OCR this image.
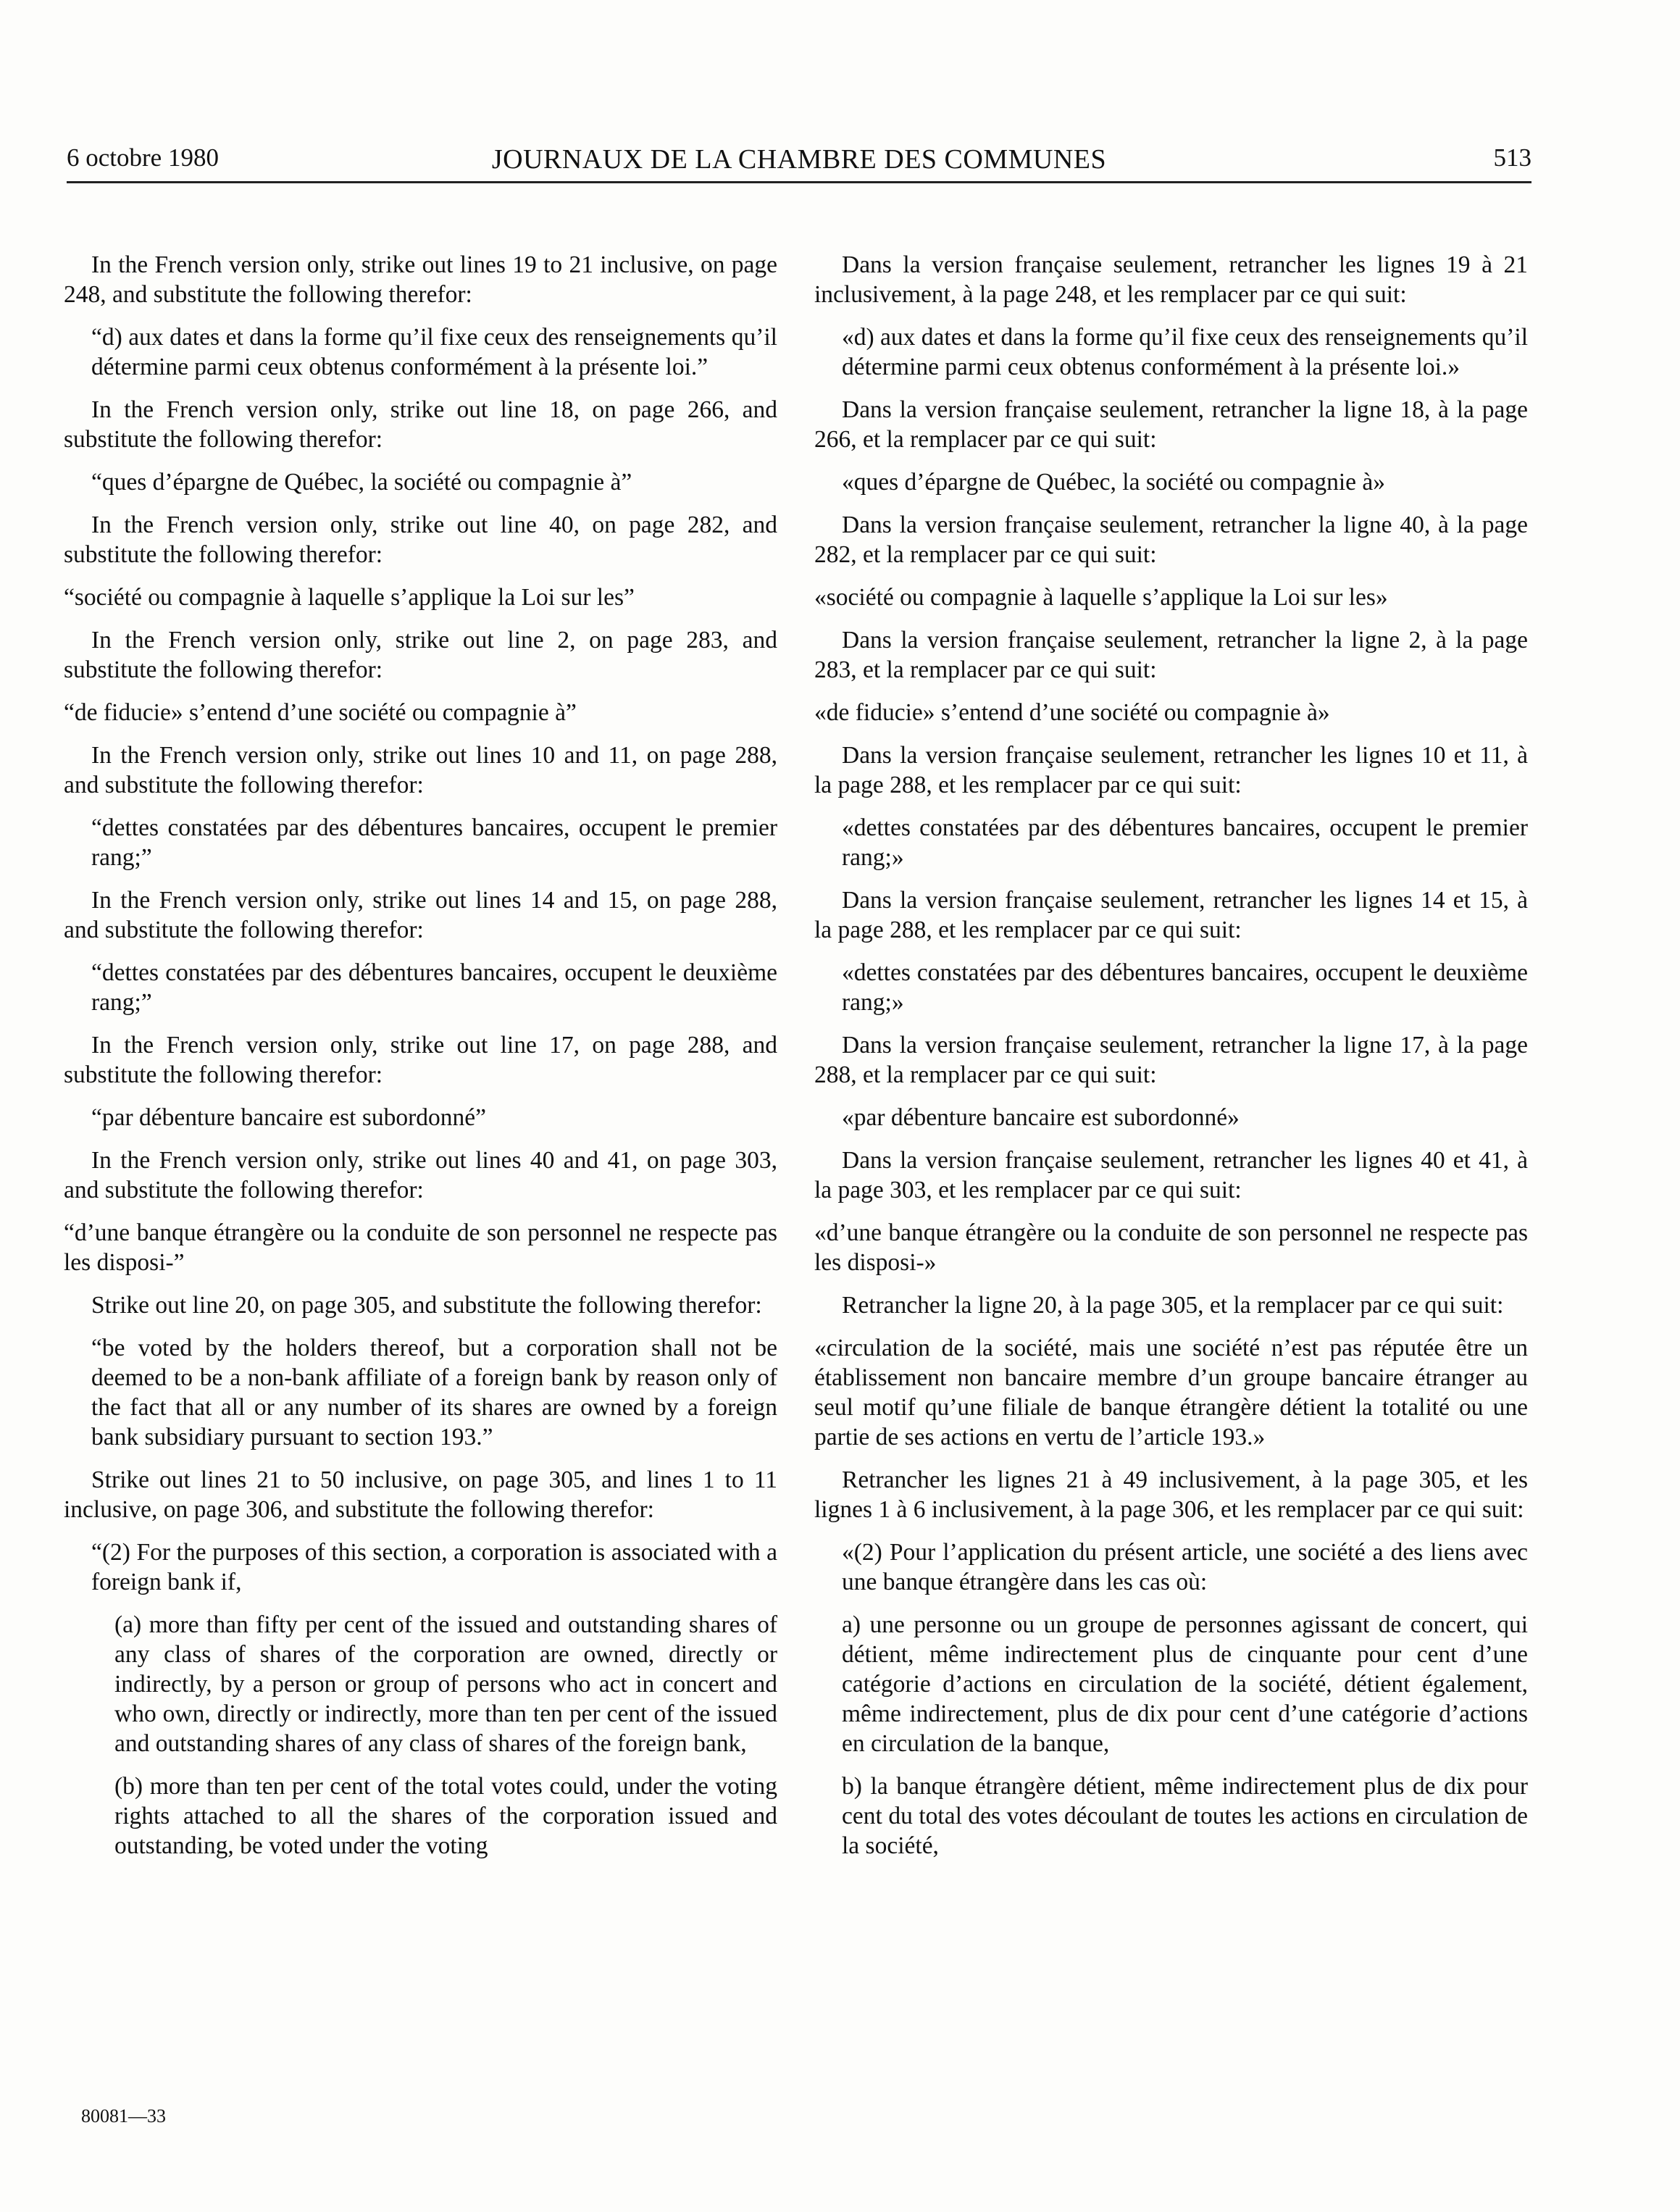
6 octobre 1980	JOURNAUX DE LA CHAMBRE DES COMMUNES	513

In the French version only, strike out lines 19 to 21 inclusive, on page 248, and substitute the following therefor:

“d) aux dates et dans la forme qu’il fixe ceux des renseignements qu’il détermine parmi ceux obtenus conformément à la présente loi.”

In the French version only, strike out line 18, on page 266, and substitute the following therefor:

“ques d’épargne de Québec, la société ou compagnie à”

In the French version only, strike out line 40, on page 282, and substitute the following therefor:

“société ou compagnie à laquelle s’applique la Loi sur les”

In the French version only, strike out line 2, on page 283, and substitute the following therefor:

“de fiducie» s’entend d’une société ou compagnie à”

In the French version only, strike out lines 10 and 11, on page 288, and substitute the following therefor:

“dettes constatées par des débentures bancaires, occupent le premier rang;”

In the French version only, strike out lines 14 and 15, on page 288, and substitute the following therefor:

“dettes constatées par des débentures bancaires, occupent le deuxième rang;”

In the French version only, strike out line 17, on page 288, and substitute the following therefor:

“par débenture bancaire est subordonné”

In the French version only, strike out lines 40 and 41, on page 303, and substitute the following therefor:

“d’une banque étrangère ou la conduite de son personnel ne respecte pas les disposi-”

Strike out line 20, on page 305, and substitute the following therefor:

“be voted by the holders thereof, but a corporation shall not be deemed to be a non-bank affiliate of a foreign bank by reason only of the fact that all or any number of its shares are owned by a foreign bank subsidiary pursuant to section 193.”

Strike out lines 21 to 50 inclusive, on page 305, and lines 1 to 11 inclusive, on page 306, and substitute the following therefor:

“(2) For the purposes of this section, a corporation is associated with a foreign bank if,

(a) more than fifty per cent of the issued and outstanding shares of any class of shares of the corporation are owned, directly or indirectly, by a person or group of persons who act in concert and who own, directly or indirectly, more than ten per cent of the issued and outstanding shares of any class of shares of the foreign bank,

(b) more than ten per cent of the total votes could, under the voting rights attached to all the shares of the corporation issued and outstanding, be voted under the voting

Dans la version française seulement, retrancher les lignes 19 à 21 inclusivement, à la page 248, et les remplacer par ce qui suit:

«d) aux dates et dans la forme qu’il fixe ceux des renseignements qu’il détermine parmi ceux obtenus conformément à la présente loi.»

Dans la version française seulement, retrancher la ligne 18, à la page 266, et la remplacer par ce qui suit:

«ques d’épargne de Québec, la société ou compagnie à»

Dans la version française seulement, retrancher la ligne 40, à la page 282, et la remplacer par ce qui suit:

«société ou compagnie à laquelle s’applique la Loi sur les»

Dans la version française seulement, retrancher la ligne 2, à la page 283, et la remplacer par ce qui suit:

«de fiducie» s’entend d’une société ou compagnie à»

Dans la version française seulement, retrancher les lignes 10 et 11, à la page 288, et les remplacer par ce qui suit:

«dettes constatées par des débentures bancaires, occupent le premier rang;»

Dans la version française seulement, retrancher les lignes 14 et 15, à la page 288, et les remplacer par ce qui suit:

«dettes constatées par des débentures bancaires, occupent le deuxième rang;»

Dans la version française seulement, retrancher la ligne 17, à la page 288, et la remplacer par ce qui suit:

«par débenture bancaire est subordonné»

Dans la version française seulement, retrancher les lignes 40 et 41, à la page 303, et les remplacer par ce qui suit:

«d’une banque étrangère ou la conduite de son personnel ne respecte pas les disposi-»

Retrancher la ligne 20, à la page 305, et la remplacer par ce qui suit:

«circulation de la société, mais une société n’est pas réputée être un établissement non bancaire membre d’un groupe bancaire étranger au seul motif qu’une filiale de banque étrangère détient la totalité ou une partie de ses actions en vertu de l’article 193.»

Retrancher les lignes 21 à 49 inclusivement, à la page 305, et les lignes 1 à 6 inclusivement, à la page 306, et les remplacer par ce qui suit:

«(2) Pour l’application du présent article, une société a des liens avec une banque étrangère dans les cas où:

a) une personne ou un groupe de personnes agissant de concert, qui détient, même indirectement plus de cinquante pour cent d’une catégorie d’actions en circulation de la société, détient également, même indirectement, plus de dix pour cent d’une catégorie d’actions en circulation de la banque,

b) la banque étrangère détient, même indirectement plus de dix pour cent du total des votes découlant de toutes les actions en circulation de la société,

80081—33
